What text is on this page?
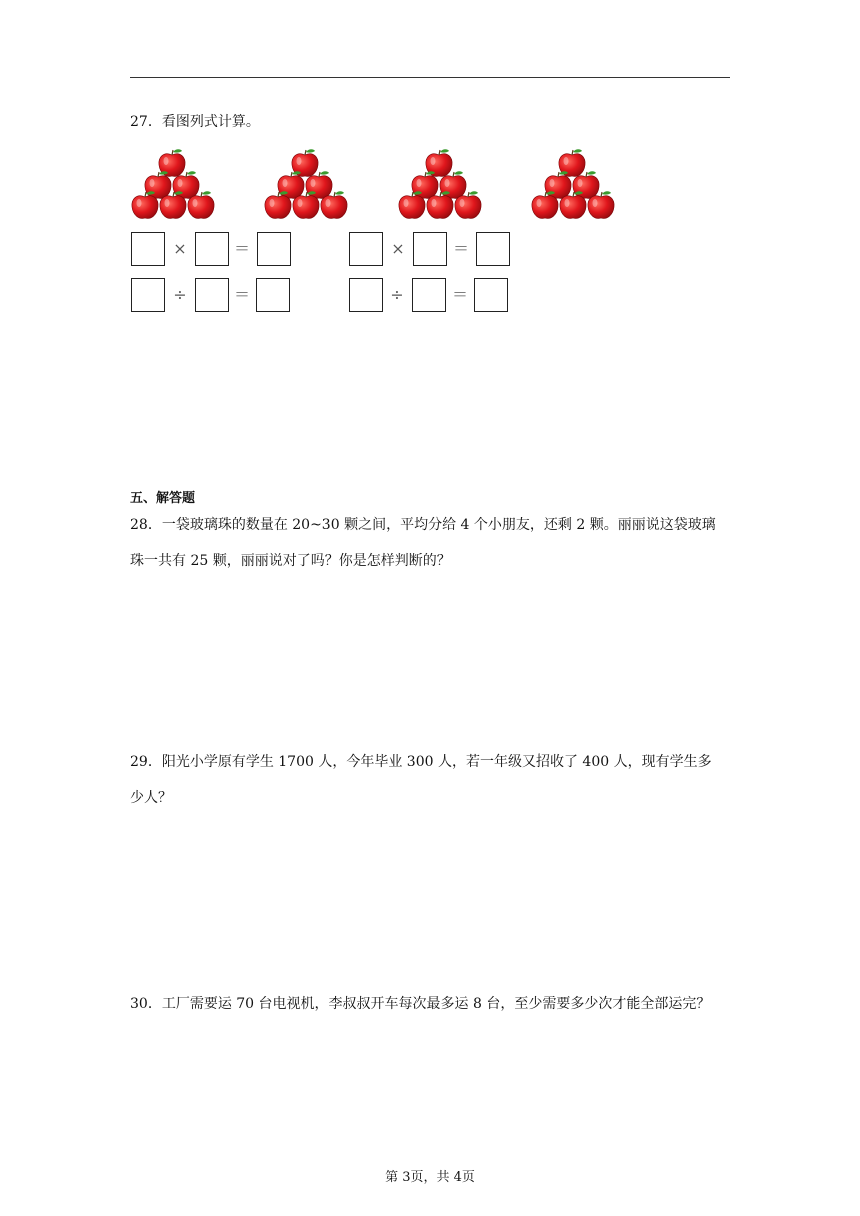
27．看图列式计算。
×	＝	×	＝
÷	＝	÷	＝
五、解答题
28．一袋玻璃珠的数量在 20~30 颗之间，平均分给 4 个小朋友，还剩 2 颗。丽丽说这袋玻璃
珠一共有 25 颗，丽丽说对了吗？你是怎样判断的？
29．阳光小学原有学生 1700 人，今年毕业 300 人，若一年级又招收了 400 人，现有学生多
少人？
30．工厂需要运 70 台电视机，李叔叔开车每次最多运 8 台，至少需要多少次才能全部运完？
第 3页，共 4页
